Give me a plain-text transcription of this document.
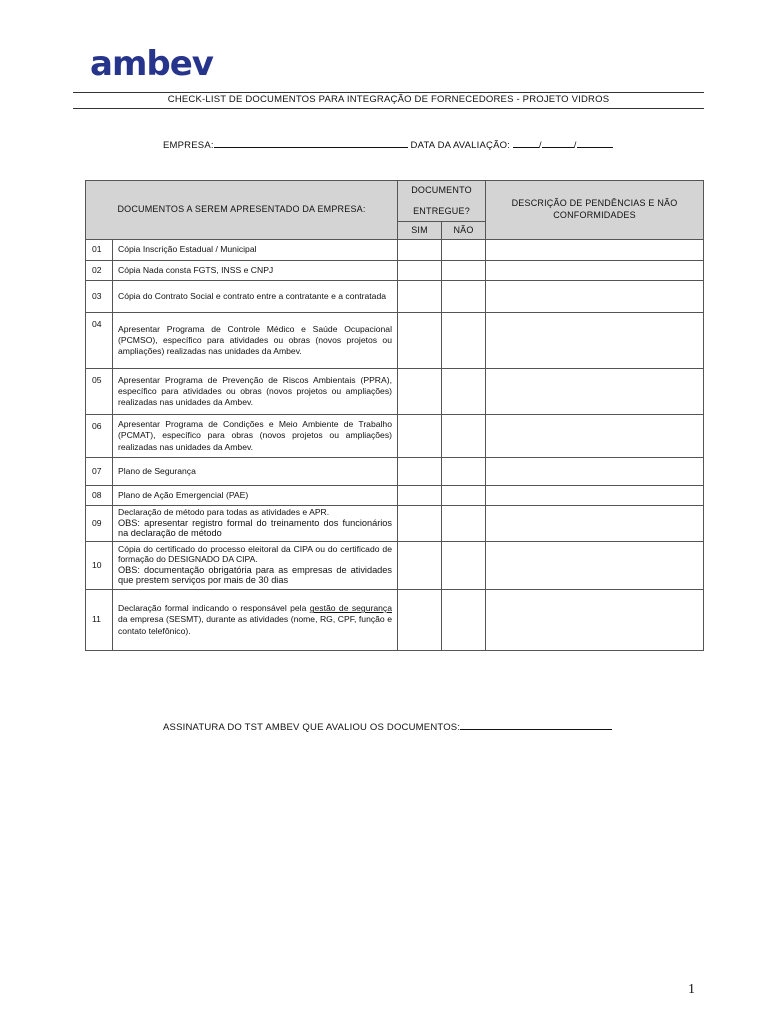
ambev
CHECK-LIST DE DOCUMENTOS PARA INTEGRAÇÃO DE FORNECEDORES - PROJETO VIDROS
EMPRESA:	DATA DA AVALIAÇÃO:	/	/
DOCUMENTOS A SEREM APRESENTADO DA EMPRESA:		DOCUMENTO
ENTREGUE?		DESCRIÇÃO DE PENDÊNCIAS E NÃO CONFORMIDADES
		SIM	NÃO	
01	Cópia Inscrição Estadual / Municipal			
02	Cópia Nada consta FGTS, INSS e CNPJ			
03	Cópia do Contrato Social e contrato entre a contratante e a contratada			
04	Apresentar Programa de Controle Médico e Saúde Ocupacional (PCMSO), específico para atividades ou obras (novos projetos ou ampliações) realizadas nas unidades da Ambev.			
05	Apresentar Programa de Prevenção de Riscos Ambientais (PPRA), específico para atividades ou obras (novos projetos ou ampliações) realizadas nas unidades da Ambev.			
06	Apresentar Programa de Condições e Meio Ambiente de Trabalho (PCMAT), específico para obras (novos projetos ou ampliações) realizadas nas unidades da Ambev.			
07	Plano de Segurança			
08	Plano de Ação Emergencial (PAE)			
09	Declaração de método para todas as atividades e APR.
OBS: apresentar registro formal do treinamento dos funcionários na declaração de método			

10	Cópia do certificado do processo eleitoral da CIPA ou do certificado de formação do DESIGNADO DA CIPA.
OBS: documentação obrigatória para as empresas de atividades que prestem serviços por mais de 30 dias			

11	Declaração formal indicando o responsável pela gestão de segurança da empresa (SESMT), durante as atividades (nome, RG, CPF, função e contato telefônico).			
ASSINATURA DO TST AMBEV QUE AVALIOU OS DOCUMENTOS:
1
